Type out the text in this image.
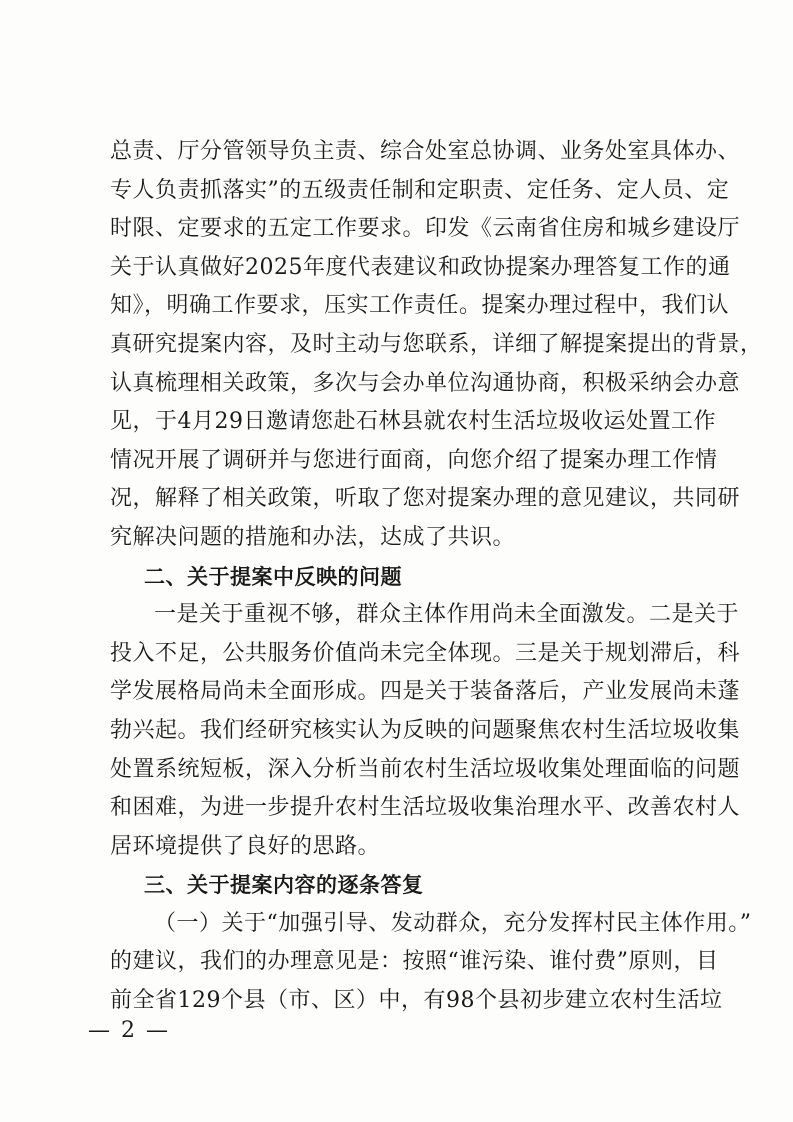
总责、厅分管领导负主责、综合处室总协调、业务处室具体办、
专人负责抓落实”的五级责任制和定职责、定任务、定人员、定
时限、定要求的五定工作要求。印发《云南省住房和城乡建设厅
关于认真做好2025年度代表建议和政协提案办理答复工作的通
知》，明确工作要求，压实工作责任。提案办理过程中，我们认
真研究提案内容，及时主动与您联系，详细了解提案提出的背景，
认真梳理相关政策，多次与会办单位沟通协商，积极采纳会办意
见，于4月29日邀请您赴石林县就农村生活垃圾收运处置工作
情况开展了调研并与您进行面商，向您介绍了提案办理工作情
况，解释了相关政策，听取了您对提案办理的意见建议，共同研
究解决问题的措施和办法，达成了共识。
二、关于提案中反映的问题
一是关于重视不够，群众主体作用尚未全面激发。二是关于
投入不足，公共服务价值尚未完全体现。三是关于规划滞后，科
学发展格局尚未全面形成。四是关于装备落后，产业发展尚未蓬
勃兴起。我们经研究核实认为反映的问题聚焦农村生活垃圾收集
处置系统短板，深入分析当前农村生活垃圾收集处理面临的问题
和困难，为进一步提升农村生活垃圾收集治理水平、改善农村人
居环境提供了良好的思路。
三、关于提案内容的逐条答复
（一）关于“加强引导、发动群众，充分发挥村民主体作用。”
的建议，我们的办理意见是：按照“谁污染、谁付费”原则，目
前全省129个县（市、区）中，有98个县初步建立农村生活垃
— 2 —
